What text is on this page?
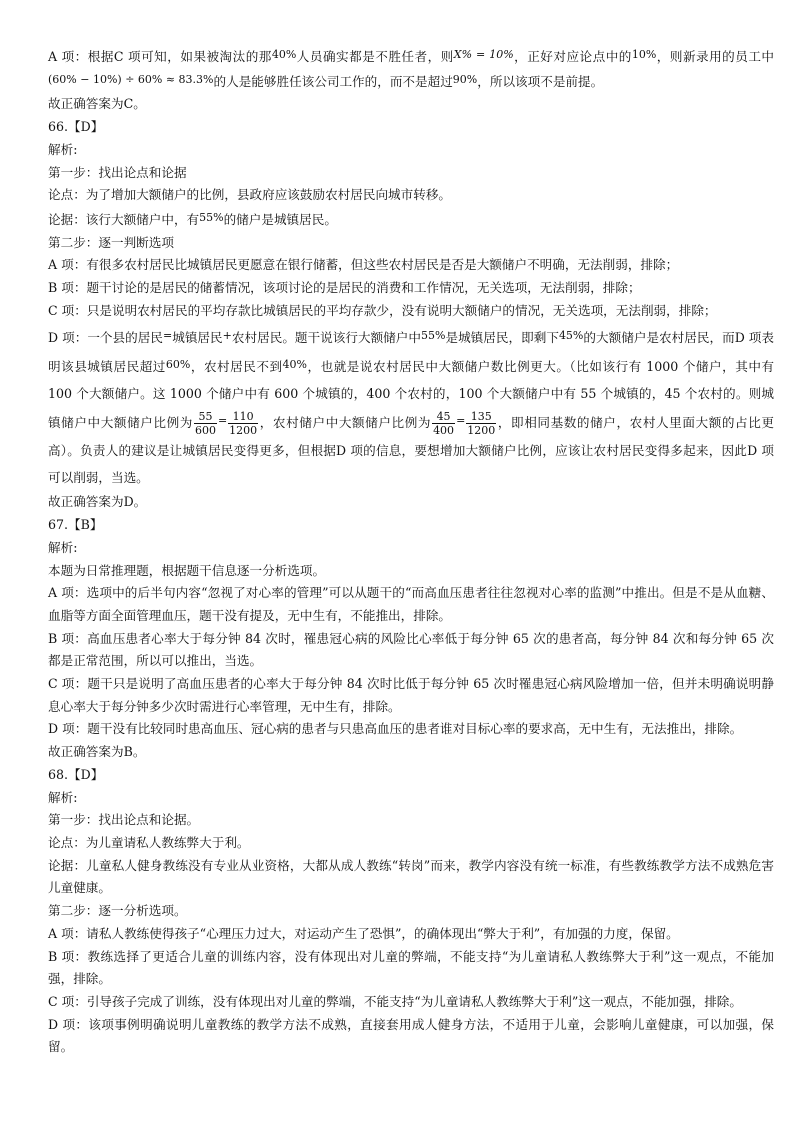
A 项：根据C 项可知，如果被淘汰的那40%人员确实都是不胜任者，则X% = 10%，正好对应论点中的10%，则新录用的员工中(60% − 10%) ÷ 60% ≈ 83.3%的人是能够胜任该公司工作的，而不是超过90%，所以该项不是前提。

故正确答案为C。

66.【D】

解析:

第一步：找出论点和论据

论点：为了增加大额储户的比例，县政府应该鼓励农村居民向城市转移。

论据：该行大额储户中，有55%的储户是城镇居民。

第二步：逐一判断选项

A 项：有很多农村居民比城镇居民更愿意在银行储蓄，但这些农村居民是否是大额储户不明确，无法削弱，排除；

B 项：题干讨论的是居民的储蓄情况，该项讨论的是居民的消费和工作情况，无关选项，无法削弱，排除；

C 项：只是说明农村居民的平均存款比城镇居民的平均存款少，没有说明大额储户的情况，无关选项，无法削弱，排除；

D 项：一个县的居民=城镇居民+农村居民。题干说该行大额储户中55%是城镇居民，即剩下45%的大额储户是农村居民，而D 项表明该县城镇居民超过60%，农村居民不到40%，也就是说农村居民中大额储户数比例更大。（比如该行有 1000 个储户，其中有 100 个大额储户。这 1000 个储户中有 600 个城镇的，400 个农村的，100 个大额储户中有 55 个城镇的，45 个农村的。则城镇储户中大额储户比例为 $\frac{55}{600} = \frac{110}{1200}$ ，农村储户中大额储户比例为 $\frac{45}{400} = \frac{135}{1200}$ ，即相同基数的储户，农村人里面大额的占比更高）。负责人的建议是让城镇居民变得更多，但根据D 项的信息，要想增加大额储户比例，应该让农村居民变得多起来，因此D 项可以削弱，当选。

故正确答案为D。

67.【B】

解析:

本题为日常推理题，根据题干信息逐一分析选项。

A 项：选项中的后半句内容“忽视了对心率的管理”可以从题干的“而高血压患者往往忽视对心率的监测”中推出。但是不是从血糖、血脂等方面全面管理血压，题干没有提及，无中生有，不能推出，排除。

B 项：高血压患者心率大于每分钟 84 次时，罹患冠心病的风险比心率低于每分钟 65 次的患者高，每分钟 84 次和每分钟 65 次都是正常范围，所以可以推出，当选。

C 项：题干只是说明了高血压患者的心率大于每分钟 84 次时比低于每分钟 65 次时罹患冠心病风险增加一倍，但并未明确说明静息心率大于每分钟多少次时需进行心率管理，无中生有，排除。

D 项：题干没有比较同时患高血压、冠心病的患者与只患高血压的患者谁对目标心率的要求高，无中生有，无法推出，排除。

故正确答案为B。

68.【D】

解析:

第一步：找出论点和论据。

论点：为儿童请私人教练弊大于利。

论据：儿童私人健身教练没有专业从业资格，大都从成人教练“转岗”而来，教学内容没有统一标准，有些教练教学方法不成熟危害儿童健康。

第二步：逐一分析选项。

A 项：请私人教练使得孩子“心理压力过大，对运动产生了恐惧”，的确体现出“弊大于利”，有加强的力度，保留。

B 项：教练选择了更适合儿童的训练内容，没有体现出对儿童的弊端，不能支持“为儿童请私人教练弊大于利”这一观点，不能加强，排除。

C 项：引导孩子完成了训练，没有体现出对儿童的弊端，不能支持“为儿童请私人教练弊大于利”这一观点，不能加强，排除。

D 项：该项事例明确说明儿童教练的教学方法不成熟，直接套用成人健身方法，不适用于儿童，会影响儿童健康，可以加强，保留。
